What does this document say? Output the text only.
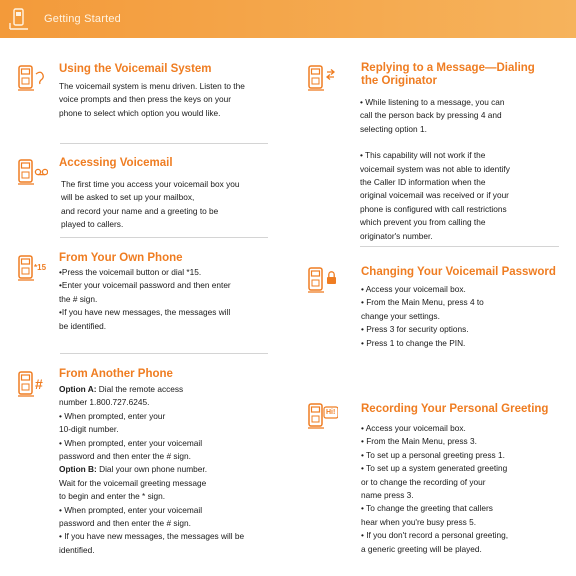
Getting Started
Using the Voicemail System

The voicemail system is menu driven. Listen to the

voice prompts and then press the keys on your

phone to select which option you would like.

Accessing Voicemail

The first time you access your voicemail box you

will be asked to set up your mailbox,

and record your name and a greeting to be

played to callers.

*15
From Your Own Phone

•Press the voicemail button or dial *15.

•Enter your voicemail password and then enter

the # sign.

•If you have new messages, the messages will

be identified.

#
From Another Phone

Option A: Dial the remote access

number 1.800.727.6245.

• When prompted, enter your

10-digit number.

• When prompted, enter your voicemail

password and then enter the # sign.

Option B: Dial your own phone number.

Wait for the voicemail greeting message

to begin and enter the * sign.

• When prompted, enter your voicemail

password and then enter the # sign.

• If you have new messages, the messages will be

identified.

Replying to a Message—Dialing
the Originator

• While listening to a message, you can

call the person back by pressing 4 and

selecting option 1.

• This capability will not work if the

voicemail system was not able to identify

the Caller ID information when the

original voicemail was received or if your

phone is configured with call restrictions

which prevent you from calling the

originator's number.

Changing Your Voicemail Password

• Access your voicemail box.

• From the Main Menu, press 4 to

change your settings.

• Press 3 for security options.

• Press 1 to change the PIN.

Hi! Recording Your Personal Greeting

• Access your voicemail box.

• From the Main Menu, press 3.

• To set up a personal greeting press 1.

• To set up a system generated greeting

or to change the recording of your

name press 3.

• To change the greeting that callers

hear when you're busy press 5.

• If you don't record a personal greeting,

a generic greeting will be played.
